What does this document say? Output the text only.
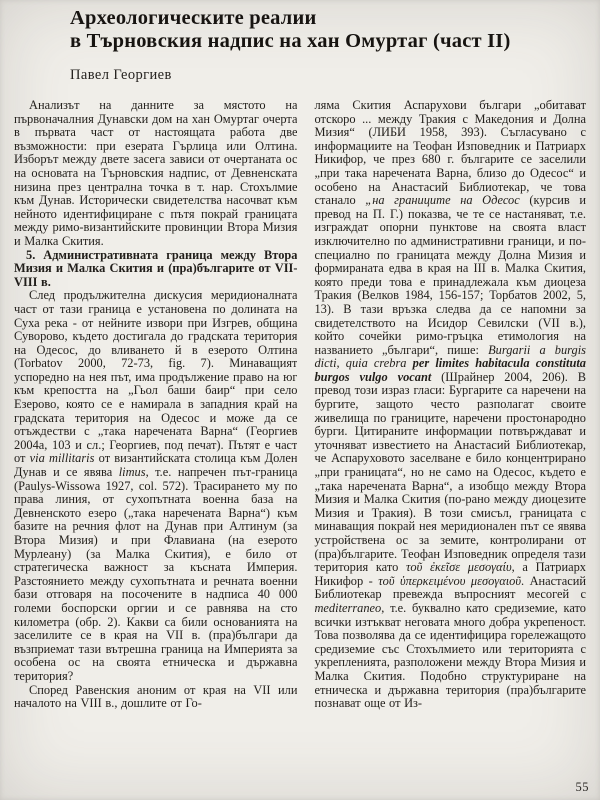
Археологическите реалии
в Търновския надпис на хан Омуртаг (част II)
Павел Георгиев

Анализът на данните за мястото на първоначалния Дунавски дом на хан Омуртаг очерта в първата част от настоящата работа две възможности: при езерата Гърлица или Олтина. Изборът между двете засега зависи от очертаната ос на основата на Търновския надпис, от Девненската низина през централна точка в т. нар. Стохълмие към Дунав. Исторически свидетелства насочват към нейното идентифициране с пътя покрай границата между римо-византийските провинции Втора Мизия и Малка Скития.

5. Административната граница между Втора Мизия и Малка Скития и (пра)българите от VII-VIII в.

След продължителна дискусия меридионалната част от тази граница е установена по долината на Суха река - от нейните извори при Изгрев, община Суворово, където достигала до градската територия на Одесос, до вливането й в езерото Олтина (Torbatov 2000, 72-73, fig. 7). Минаващият успоредно на нея път, има продължение право на юг към крепостта на „Гьол баши баир“ при село Езерово, която се е намирала в западния край на градската територия на Одесос и може да се отъждестви с „така наречената Варна“ (Георгиев 2004а, 103 и сл.; Георгиев, под печат). Пътят е част от via millitaris от византийската столица към Долен Дунав и се явява limus, т.е. напречен път-граница (Paulys-Wissowa 1927, col. 572). Трасирането му по права линия, от сухопътната военна база на Девненското езеро („така наречената Варна“) към базите на речния флот на Дунав при Алтинум (за Втора Мизия) и при Флавиана (на езерото Мурлеану) (за Малка Скития), е било от стратегическа важност за късната Империя. Разстоянието между сухопътната и речната военни бази отговаря на посочените в надписа 40 000 големи боспорски оргии и се равнява на сто километра (обр. 2). Какви са били основанията на заселилите се в края на VII в. (пра)българи да възприемат тази вътрешна граница на Империята за особена ос на своята етническа и държавна територия?

Според Равенския аноним от края на VII или началото на VIII в., дошлите от Го-

ляма Скития Аспарухови българи „обитават отскоро ... между Тракия с Македония и Долна Мизия“ (ЛИБИ 1958, 393). Съгласувано с информациите на Теофан Изповедник и Патриарх Никифор, че през 680 г. българите се заселили „при така наречената Варна, близо до Одесос“ и особено на Анастасий Библиотекар, че това станало „на границите на Одесос (курсив и превод на П. Г.) показва, че те се настаняват, т.е. изграждат опорни пунктове на своята власт изключително по административни граници, и по-специално по границата между Долна Мизия и формираната едва в края на III в. Малка Скития, която преди това е принадлежала към диоцеза Тракия (Велков 1984, 156-157; Торбатов 2002, 5, 13). В тази връзка следва да се напомни за свидетелството на Исидор Севилски (VII в.), който сочейки римо-гръцка етимология на названието „българи“, пише: Burgarii a burgis dicti, quia crebra per limites habitacula constituta burgos vulgo vocant (Шрайнер 2004, 206). В превод този израз гласи: Бургарите са наречени на бургите, защото често разполагат своите живелища по границите, наречени простонародно бурги. Цитираните информации потвърждават и уточняват известието на Анастасий Библиотекар, че Аспаруховото заселване е било концентрирано „при границата“, но не само на Одесос, където е „така наречената Варна“, а изобщо между Втора Мизия и Малка Скития (по-рано между диоцезите Мизия и Тракия). В този смисъл, границата с минаващия покрай нея меридионален път се явява устройствена ос за земите, контролирани от (пра)българите. Теофан Изповедник определя тази територия като τοῦ ἐκεῖσε μεσογαίυ, а Патриарх Никифор - τοῦ ὑπερκειμένου μεσογαιοῦ. Анастасий Библиотекар превежда въпросният месогей с mediterraneo, т.е. буквално като средиземие, като всички изтъкват неговата много добра укрепеност. Това позволява да се идентифицира горележащото средиземие със Стохълмието или територията с укрепленията, разположени между Втора Мизия и Малка Скития. Подобно структуриране на етническа и държавна територия (пра)българите познават още от Из-

55
